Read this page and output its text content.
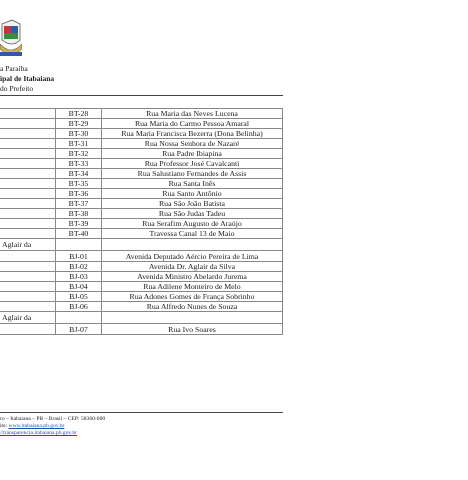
a Paraíba
ipal de Itabaiana
do Prefeito
	BT-28	Rua Maria das Neves Lucena
	BT-29	Rua Maria do Carmo Pessoa Amaral
	BT-30	Rua Maria Francisca Bezerra (Dona Belinha)
	BT-31	Rua Nossa Senhora de Nazaré
	BT-32	Rua Padre Ibiapina
	BT-33	Rua Professor José Cavalcanti
	BT-34	Rua Salustiano Fernandes de Assis
	BT-35	Rua Santa Inês
	BT-36	Rua Santo Antônio
	BT-37	Rua São João Batista
	BT-38	Rua São Judas Tadeu
	BT-39	Rua Serafim Augusto de Araújo
	BT-40	Travessa Canal 13 de Maio
Aglair da		
	BJ-01	Avenida Deputado Aércio Pereira de Lima
	BJ-02	Avenida Dr. Aglair da Silva
	BJ-03	Avenida Ministro Abelardo Jurema
	BJ-04	Rua Adilene Monteiro de Melo
	BJ-05	Rua Adones Gomes de França Sobrinho
	BJ-06	Rua Alfredo Nunes de Souza
Aglair da		
	BJ-07	Rua Ivo Soares
ro – Itabaiana – PB – Brasil – CEP: 58360-000
ite: www.itabaiana.pb.gov.br
//transparencia.itabaiana.pb.gov.br
